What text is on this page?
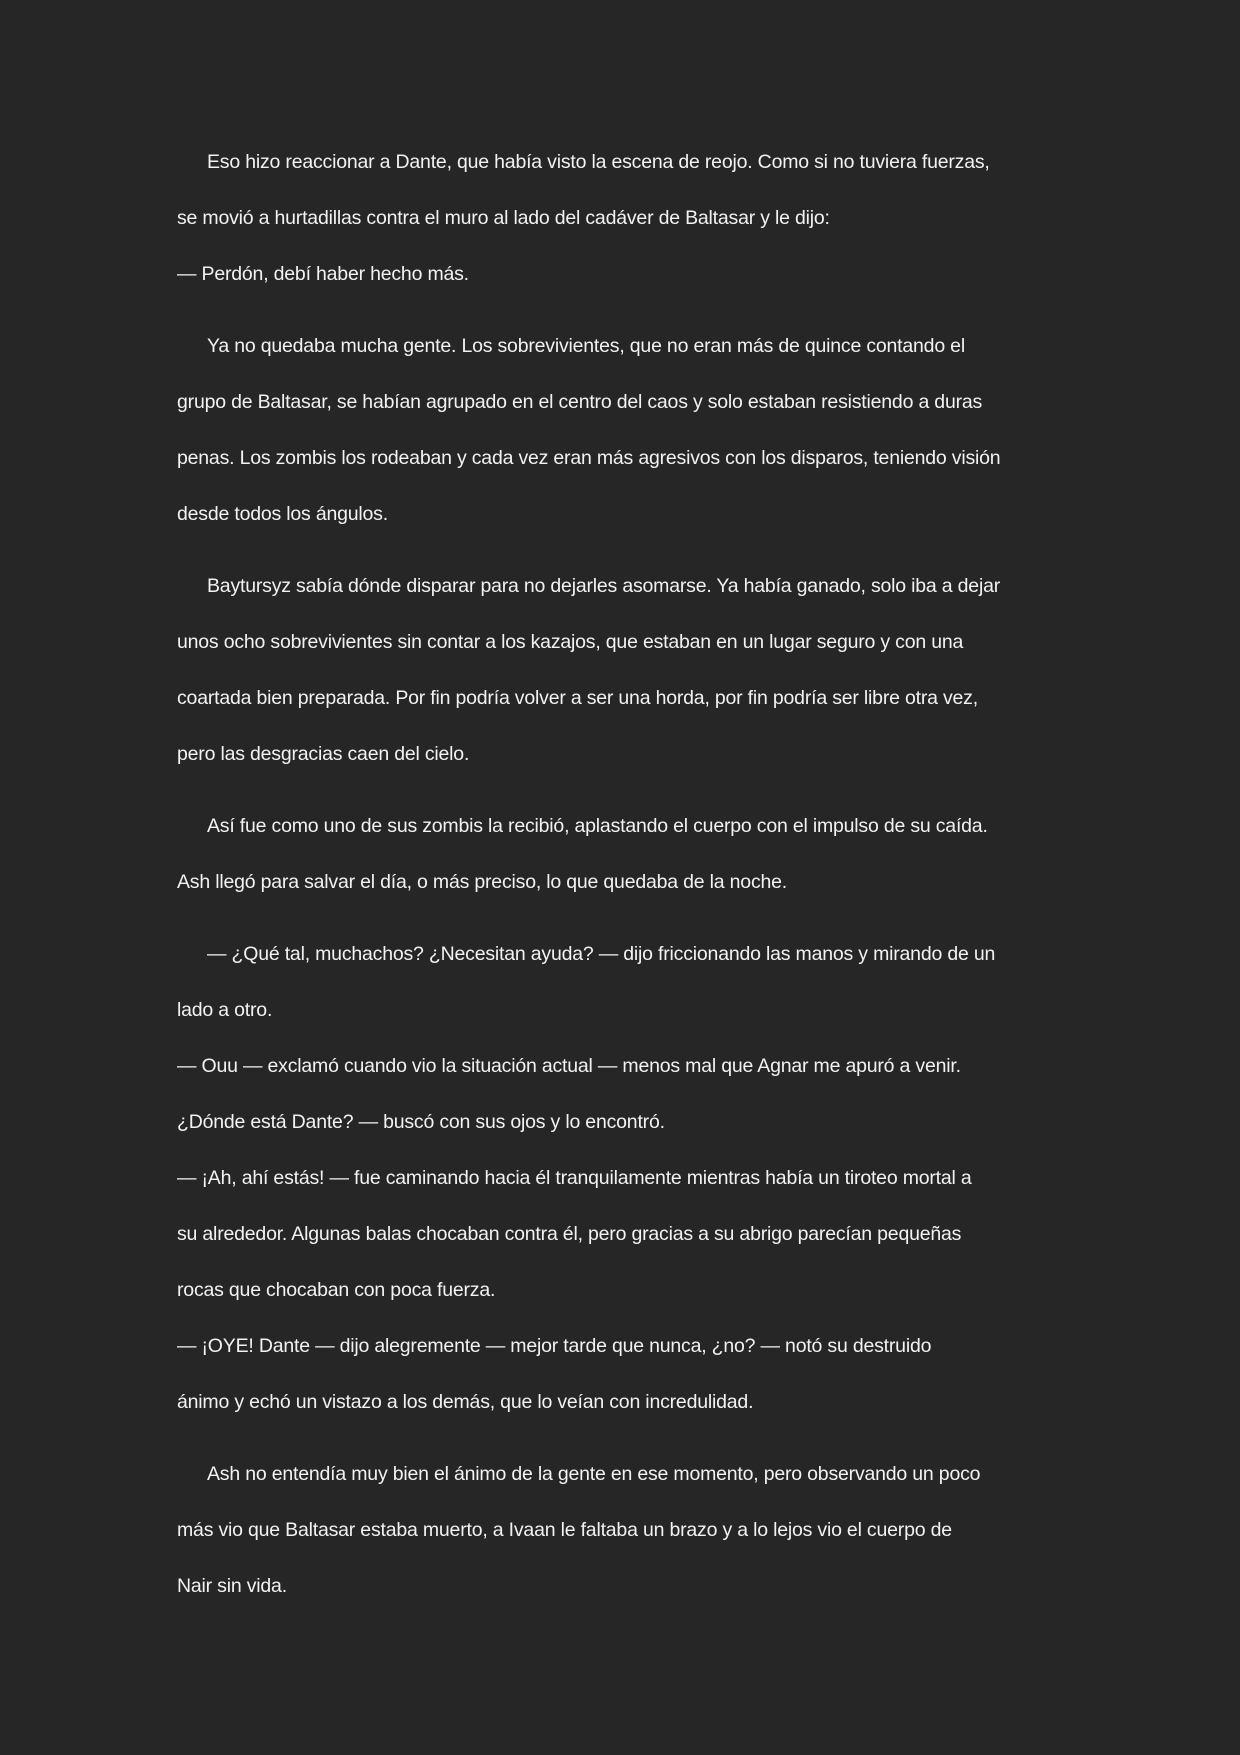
Eso hizo reaccionar a Dante, que había visto la escena de reojo. Como si no tuviera fuerzas,
se movió a hurtadillas contra el muro al lado del cadáver de Baltasar y le dijo:

— Perdón, debí haber hecho más.

Ya no quedaba mucha gente. Los sobrevivientes, que no eran más de quince contando el
grupo de Baltasar, se habían agrupado en el centro del caos y solo estaban resistiendo a duras
penas. Los zombis los rodeaban y cada vez eran más agresivos con los disparos, teniendo visión
desde todos los ángulos.

Baytursyz sabía dónde disparar para no dejarles asomarse. Ya había ganado, solo iba a dejar
unos ocho sobrevivientes sin contar a los kazajos, que estaban en un lugar seguro y con una
coartada bien preparada. Por fin podría volver a ser una horda, por fin podría ser libre otra vez,
pero las desgracias caen del cielo.

Así fue como uno de sus zombis la recibió, aplastando el cuerpo con el impulso de su caída.
Ash llegó para salvar el día, o más preciso, lo que quedaba de la noche.

— ¿Qué tal, muchachos? ¿Necesitan ayuda? — dijo friccionando las manos y mirando de un
lado a otro.

— Ouu — exclamó cuando vio la situación actual — menos mal que Agnar me apuró a venir.
¿Dónde está Dante? — buscó con sus ojos y lo encontró.

— ¡Ah, ahí estás! — fue caminando hacia él tranquilamente mientras había un tiroteo mortal a
su alrededor. Algunas balas chocaban contra él, pero gracias a su abrigo parecían pequeñas
rocas que chocaban con poca fuerza.

— ¡OYE! Dante — dijo alegremente — mejor tarde que nunca, ¿no? — notó su destruido
ánimo y echó un vistazo a los demás, que lo veían con incredulidad.

Ash no entendía muy bien el ánimo de la gente en ese momento, pero observando un poco
más vio que Baltasar estaba muerto, a Ivaan le faltaba un brazo y a lo lejos vio el cuerpo de
Nair sin vida.
